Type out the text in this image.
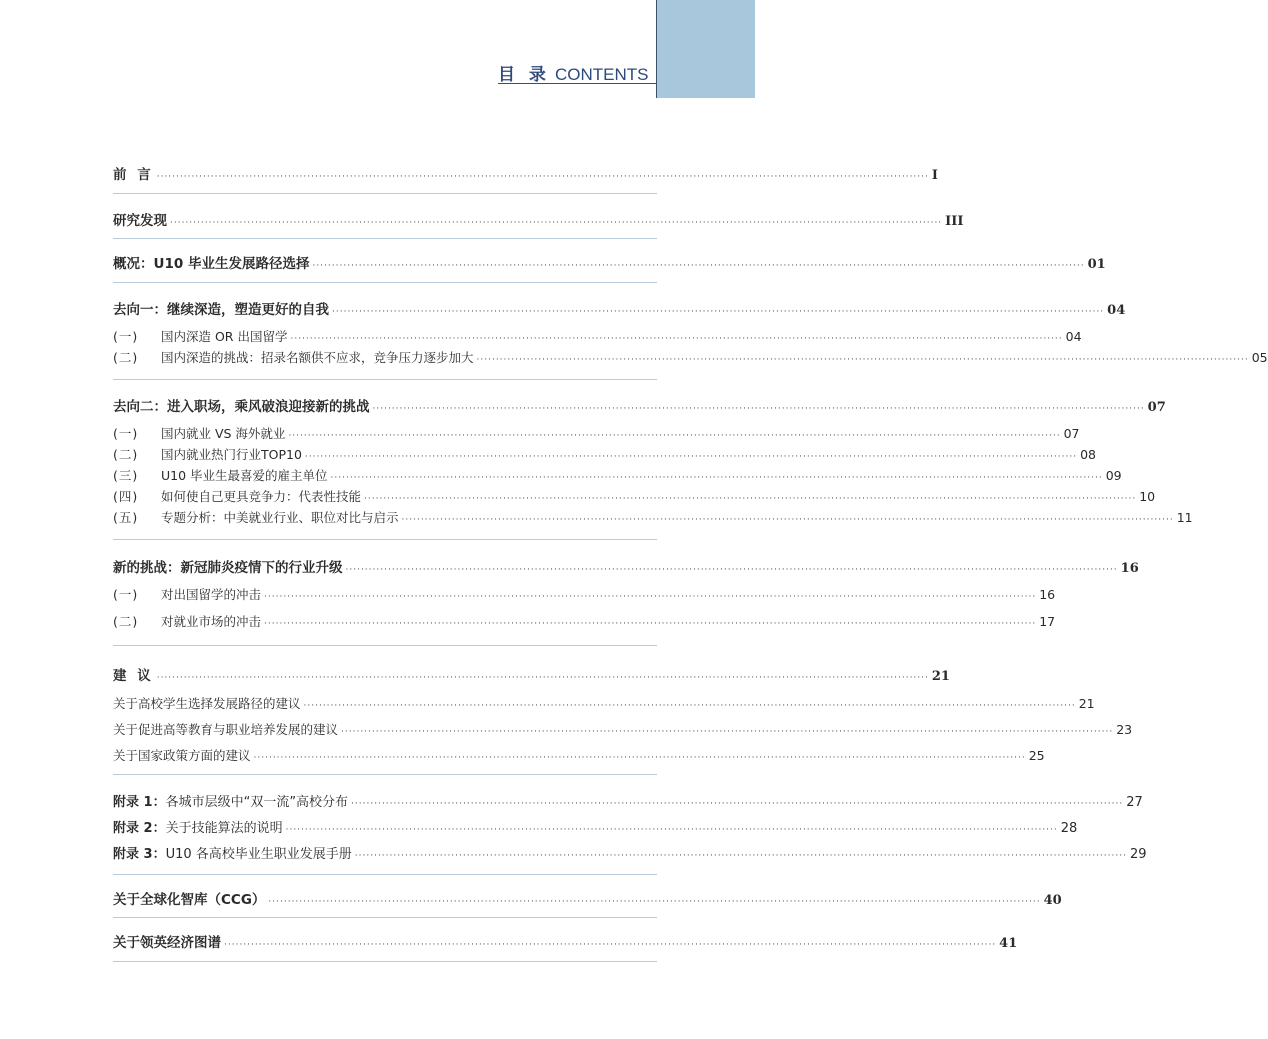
目 录 CONTENTS
前 言 ········································································································································································································ I
研究发现 ········································································································································································································ III
概况：U10 毕业生发展路径选择 ········································································································································································································ 01
去向一：继续深造，塑造更好的自我 ········································································································································································································ 04
(一)	国内深造 OR 出国留学 ········································································································································································································ 04
(二)	国内深造的挑战：招录名额供不应求，竞争压力逐步加大 ········································································································································································································ 05
去向二：进入职场，乘风破浪迎接新的挑战 ········································································································································································································ 07
(一)	国内就业 VS 海外就业 ········································································································································································································ 07
(二)	国内就业热门行业TOP10 ········································································································································································································ 08
(三)	U10 毕业生最喜爱的雇主单位 ········································································································································································································ 09
(四)	如何使自己更具竞争力：代表性技能 ········································································································································································································ 10
(五)	专题分析：中美就业行业、职位对比与启示 ········································································································································································································ 11
新的挑战：新冠肺炎疫情下的行业升级 ········································································································································································································ 16
(一)	对出国留学的冲击 ········································································································································································································ 16
(二)	对就业市场的冲击 ········································································································································································································ 17
建 议 ········································································································································································································ 21
关于高校学生选择发展路径的建议 ········································································································································································································ 21
关于促进高等教育与职业培养发展的建议 ········································································································································································································ 23
关于国家政策方面的建议 ········································································································································································································ 25
附录 1：各城市层级中“双一流”高校分布 ········································································································································································································ 27
附录 2：关于技能算法的说明 ········································································································································································································ 28
附录 3：U10 各高校毕业生职业发展手册 ········································································································································································································ 29
关于全球化智库（CCG） ········································································································································································································ 40
关于领英经济图谱 ········································································································································································································ 41
